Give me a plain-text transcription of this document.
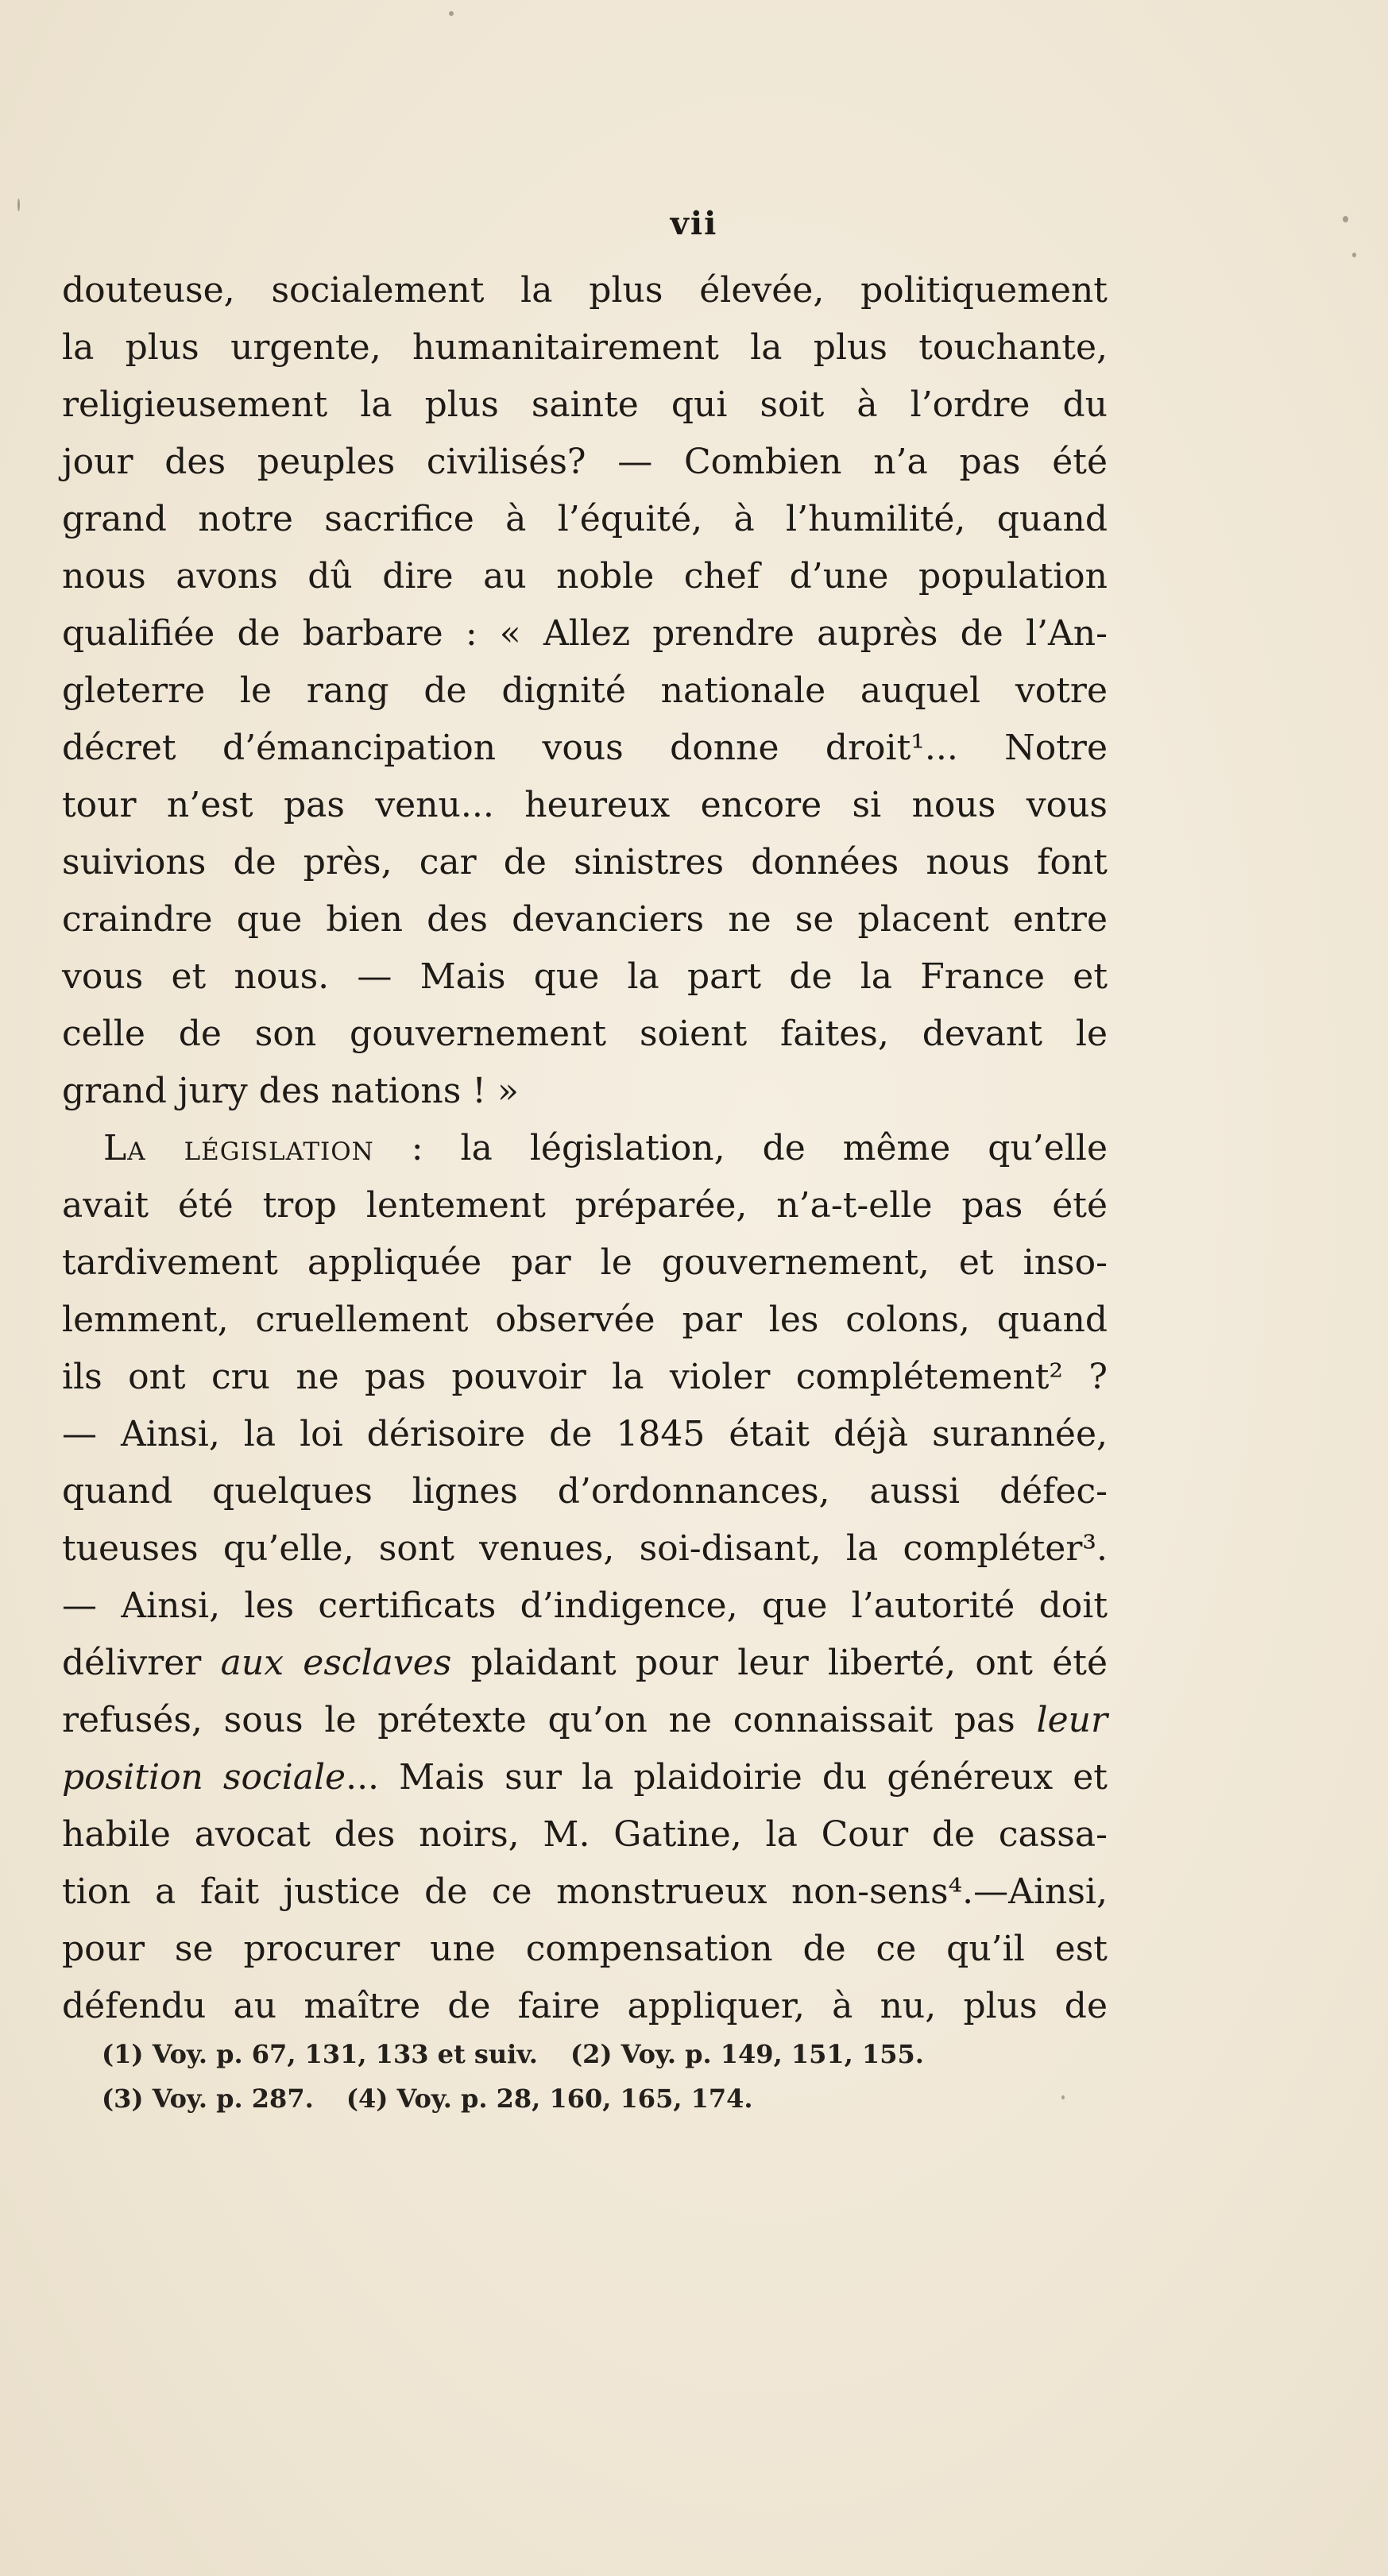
vii
douteuse, socialement la plus élevée, politiquement
la plus urgente, humanitairement la plus touchante,
religieusement la plus sainte qui soit à l’ordre du
jour des peuples civilisés? — Combien n’a pas été
grand notre sacrifice à l’équité, à l’humilité, quand
nous avons dû dire au noble chef d’une population
qualifiée de barbare : « Allez prendre auprès de l’An-
gleterre le rang de dignité nationale auquel votre
décret d’émancipation vous donne droit¹... Notre
tour n’est pas venu... heureux encore si nous vous
suivions de près, car de sinistres données nous font
craindre que bien des devanciers ne se placent entre
vous et nous. — Mais que la part de la France et
celle de son gouvernement soient faites, devant le
grand jury des nations ! »
La législation : la législation, de même qu’elle
avait été trop lentement préparée, n’a-t-elle pas été
tardivement appliquée par le gouvernement, et inso-
lemment, cruellement observée par les colons, quand
ils ont cru ne pas pouvoir la violer complétement² ?
— Ainsi, la loi dérisoire de 1845 était déjà surannée,
quand quelques lignes d’ordonnances, aussi défec-
tueuses qu’elle, sont venues, soi-disant, la compléter³.
— Ainsi, les certificats d’indigence, que l’autorité doit
délivrer aux esclaves plaidant pour leur liberté, ont été
refusés, sous le prétexte qu’on ne connaissait pas leur
position sociale... Mais sur la plaidoirie du généreux et
habile avocat des noirs, M. Gatine, la Cour de cassa-
tion a fait justice de ce monstrueux non-sens⁴.—Ainsi,
pour se procurer une compensation de ce qu’il est
défendu au maître de faire appliquer, à nu, plus de
(1) Voy. p. 67, 131, 133 et suiv. (2) Voy. p. 149, 151, 155.
(3) Voy. p. 287. (4) Voy. p. 28, 160, 165, 174.
